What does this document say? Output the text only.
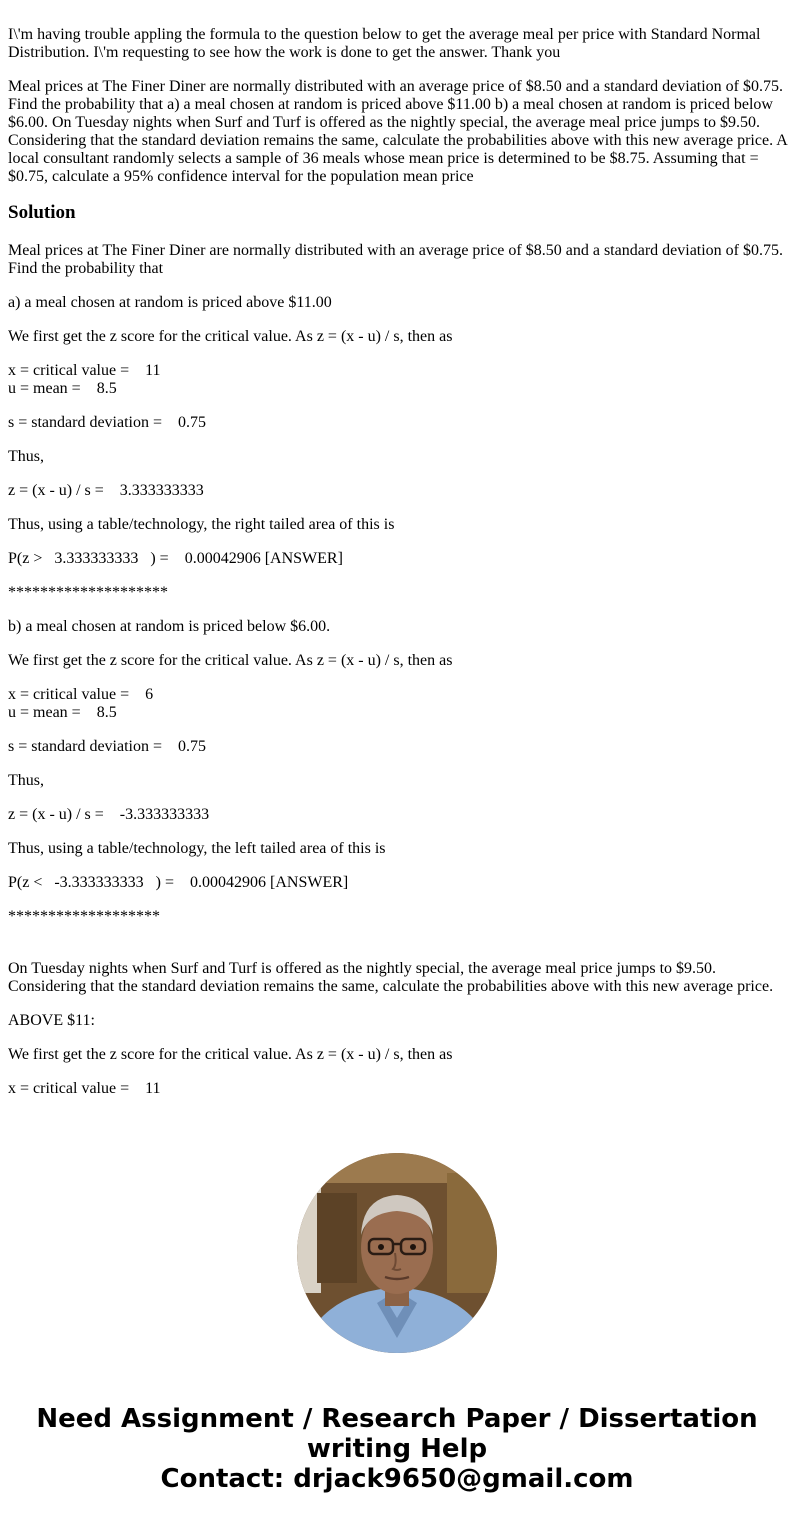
I\'m having trouble appling the formula to the question below to get the average meal per price with Standard Normal Distribution. I\'m requesting to see how the work is done to get the answer. Thank you

Meal prices at The Finer Diner are normally distributed with an average price of $8.50 and a standard deviation of $0.75. Find the probability that a) a meal chosen at random is priced above $11.00 b) a meal chosen at random is priced below $6.00. On Tuesday nights when Surf and Turf is offered as the nightly special, the average meal price jumps to $9.50. Considering that the standard deviation remains the same, calculate the probabilities above with this new average price. A local consultant randomly selects a sample of 36 meals whose mean price is determined to be $8.75. Assuming that = $0.75, calculate a 95% confidence interval for the population mean price

Solution

Meal prices at The Finer Diner are normally distributed with an average price of $8.50 and a standard deviation of $0.75. Find the probability that

a) a meal chosen at random is priced above $11.00

We first get the z score for the critical value. As z = (x - u) / s, then as

x = critical value =    11
u = mean =    8.5

s = standard deviation =    0.75

Thus,

z = (x - u) / s =    3.333333333

Thus, using a table/technology, the right tailed area of this is

P(z >   3.333333333   ) =    0.00042906 [ANSWER]

********************

b) a meal chosen at random is priced below $6.00.

We first get the z score for the critical value. As z = (x - u) / s, then as

x = critical value =    6
u = mean =    8.5

s = standard deviation =    0.75

Thus,

z = (x - u) / s =    -3.333333333

Thus, using a table/technology, the left tailed area of this is

P(z <   -3.333333333   ) =    0.00042906 [ANSWER]

*******************

On Tuesday nights when Surf and Turf is offered as the nightly special, the average meal price jumps to $9.50. Considering that the standard deviation remains the same, calculate the probabilities above with this new average price.

ABOVE $11:

We first get the z score for the critical value. As z = (x - u) / s, then as

x = critical value =    11

Need Assignment / Research Paper / Dissertation writing Help
Contact: drjack9650@gmail.com
